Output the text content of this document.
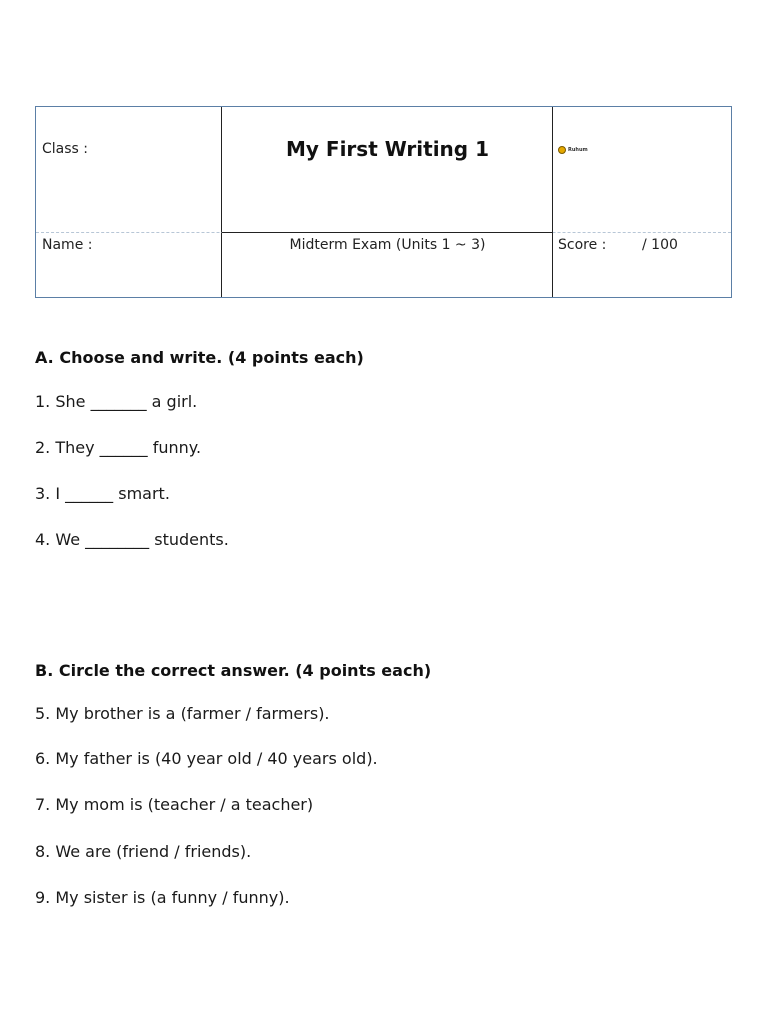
Class :	My First Writing 1	Ruhum
Name :	Midterm Exam (Units 1 ~ 3)	Score :	/ 100
A. Choose and write. (4 points each)
1. She _______ a girl.
2. They ______ funny.
3. I ______ smart.
4. We ________ students.
B. Circle the correct answer. (4 points each)
5. My brother is a (farmer / farmers).
6. My father is (40 year old / 40 years old).
7. My mom is (teacher / a teacher)
8. We are (friend / friends).
9. My sister is (a funny / funny).
